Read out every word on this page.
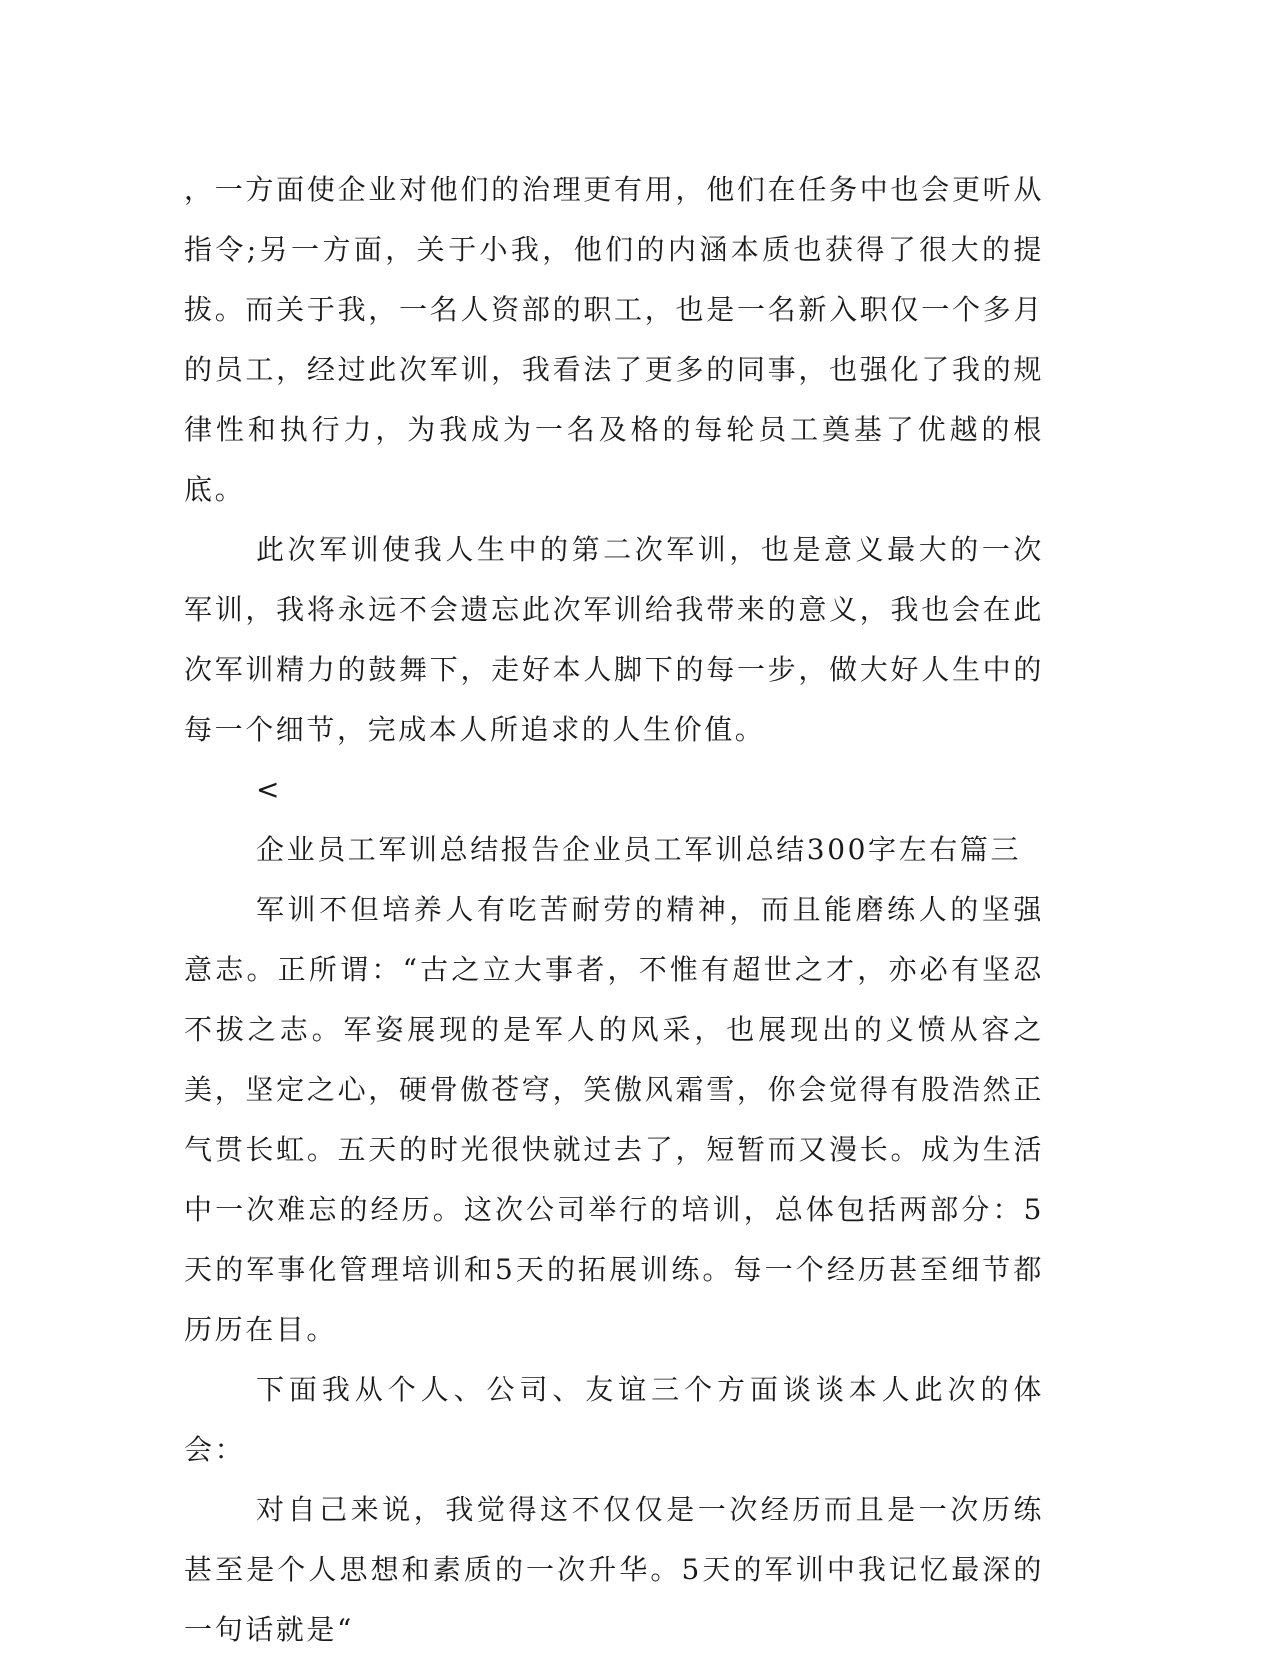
，一方面使企业对他们的治理更有用，他们在任务中也会更听从指令;另一方面，关于小我，他们的内涵本质也获得了很大的提拔。而关于我，一名人资部的职工，也是一名新入职仅一个多月的员工，经过此次军训，我看法了更多的同事，也强化了我的规律性和执行力，为我成为一名及格的每轮员工奠基了优越的根底。

此次军训使我人生中的第二次军训，也是意义最大的一次军训，我将永远不会遗忘此次军训给我带来的意义，我也会在此次军训精力的鼓舞下，走好本人脚下的每一步，做大好人生中的每一个细节，完成本人所追求的人生价值。

<

企业员工军训总结报告企业员工军训总结300字左右篇三

军训不但培养人有吃苦耐劳的精神，而且能磨练人的坚强意志。正所谓：“古之立大事者，不惟有超世之才，亦必有坚忍不拔之志。军姿展现的是军人的风采，也展现出的义愤从容之美，坚定之心，硬骨傲苍穹，笑傲风霜雪，你会觉得有股浩然正气贯长虹。五天的时光很快就过去了，短暂而又漫长。成为生活中一次难忘的经历。这次公司举行的培训，总体包括两部分：5天的军事化管理培训和5天的拓展训练。每一个经历甚至细节都历历在目。

下面我从个人、公司、友谊三个方面谈谈本人此次的体会：

对自己来说，我觉得这不仅仅是一次经历而且是一次历练甚至是个人思想和素质的一次升华。5天的军训中我记忆最深的一句话就是“
